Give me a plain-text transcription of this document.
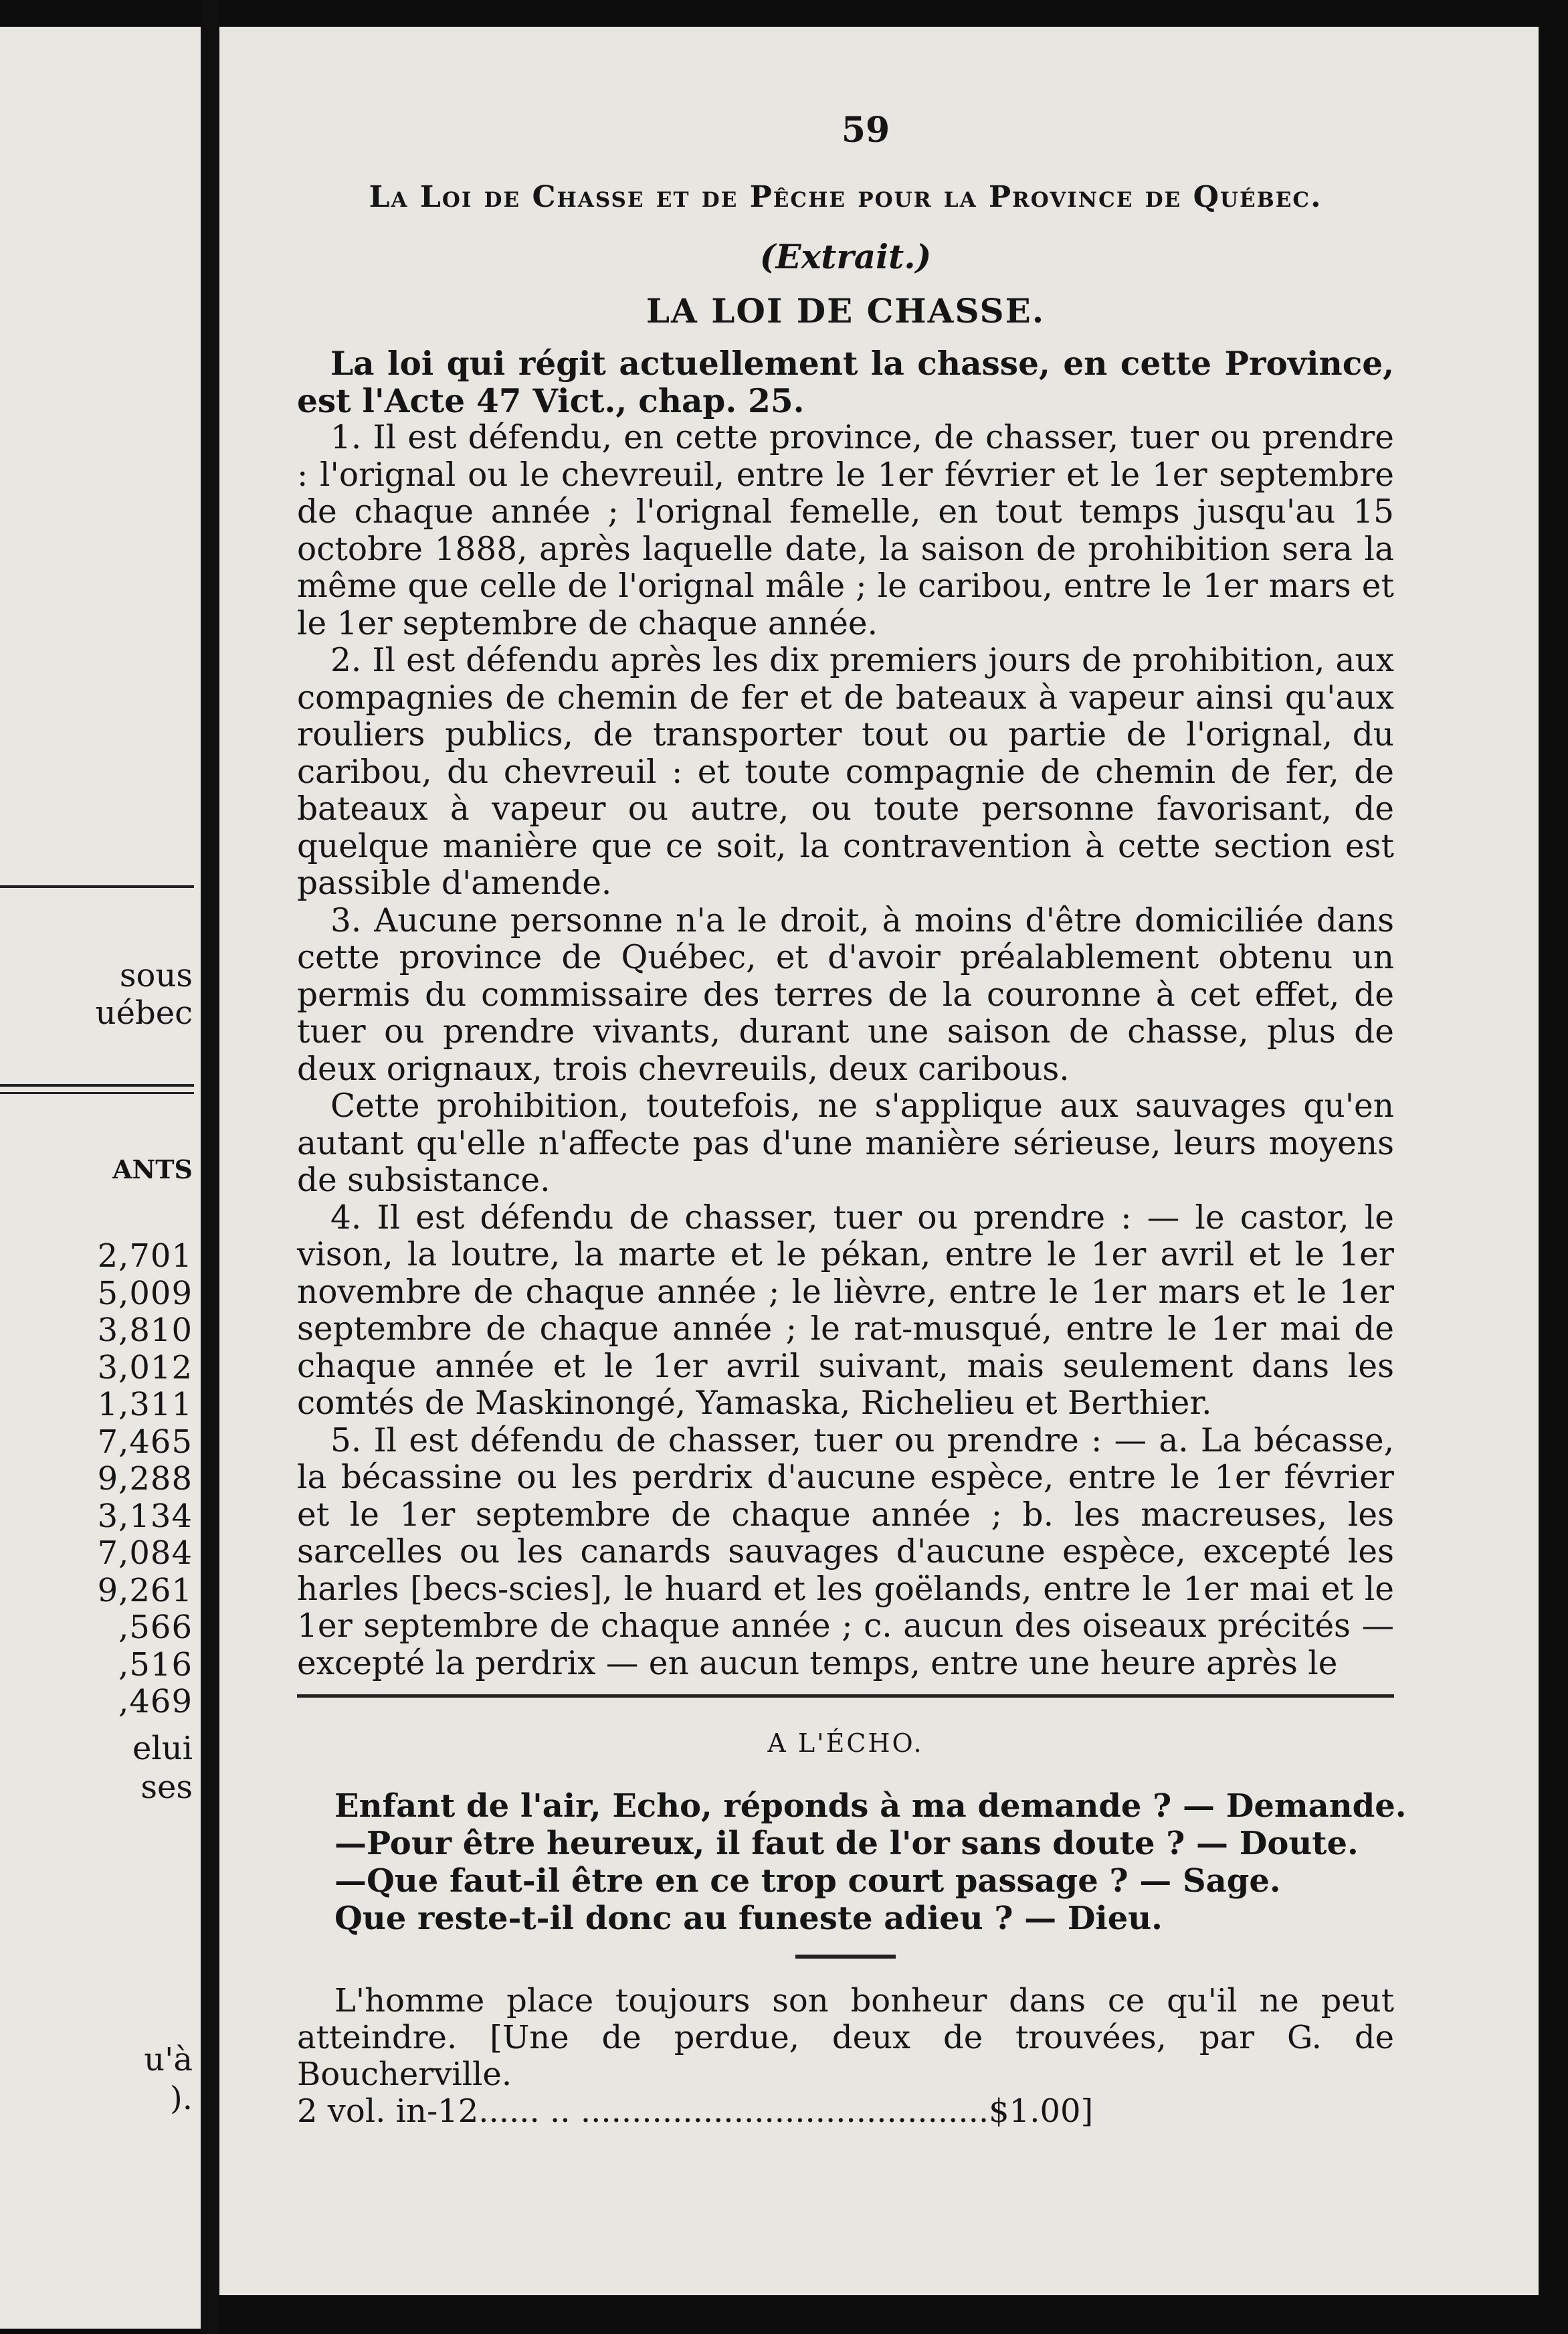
sous
uébec
ANTS
elui
ses
u'à
).
2,701
5,009
3,810
3,012
1,311
7,465
9,288
3,134
7,084
9,261
,566
,516
,469
59
La Loi de Chasse et de Pêche pour la Province de Québec.
(Extrait.)
LA LOI DE CHASSE.

La loi qui régit actuellement la chasse, en cette Province, est l'Acte 47 Vict., chap. 25.

1. Il est défendu, en cette province, de chasser, tuer ou prendre : l'orignal ou le chevreuil, entre le 1er février et le 1er septembre de chaque année ; l'orignal femelle, en tout temps jusqu'au 15 octobre 1888, après laquelle date, la saison de prohibition sera la même que celle de l'orignal mâle ; le caribou, entre le 1er mars et le 1er septembre de chaque année.

2. Il est défendu après les dix premiers jours de prohibition, aux compagnies de chemin de fer et de bateaux à vapeur ainsi qu'aux rouliers publics, de transporter tout ou partie de l'orignal, du caribou, du chevreuil : et toute compagnie de chemin de fer, de bateaux à vapeur ou autre, ou toute personne favorisant, de quelque manière que ce soit, la contravention à cette section est passible d'amende.

3. Aucune personne n'a le droit, à moins d'être domiciliée dans cette province de Québec, et d'avoir préalablement obtenu un permis du commissaire des terres de la couronne à cet effet, de tuer ou prendre vivants, durant une saison de chasse, plus de deux orignaux, trois chevreuils, deux caribous.

Cette prohibition, toutefois, ne s'applique aux sauvages qu'en autant qu'elle n'affecte pas d'une manière sérieuse, leurs moyens de subsistance.

4. Il est défendu de chasser, tuer ou prendre : — le castor, le vison, la loutre, la marte et le pékan, entre le 1er avril et le 1er novembre de chaque année ; le lièvre, entre le 1er mars et le 1er septembre de chaque année ; le rat-musqué, entre le 1er mai de chaque année et le 1er avril suivant, mais seulement dans les comtés de Maskinongé, Yamaska, Richelieu et Berthier.

5. Il est défendu de chasser, tuer ou prendre : — a. La bécasse, la bécassine ou les perdrix d'aucune espèce, entre le 1er février et le 1er septembre de chaque année ; b. les macreuses, les sarcelles ou les canards sauvages d'aucune espèce, excepté les harles [becs-scies], le huard et les goëlands, entre le 1er mai et le 1er septembre de chaque année ; c. aucun des oiseaux précités — excepté la perdrix — en aucun temps, entre une heure après le

A L'ÉCHO.
Enfant de l'air, Echo, réponds à ma demande ? — Demande.
—Pour être heureux, il faut de l'or sans doute ? — Doute.
—Que faut-il être en ce trop court passage ? — Sage.
Que reste-t-il donc au funeste adieu ? — Dieu.

L'homme place toujours son bonheur dans ce qu'il ne peut atteindre. [Une de perdue, deux de trouvées, par G. de Boucherville.

2 vol. in-12...... .. ........................................$1.00]
